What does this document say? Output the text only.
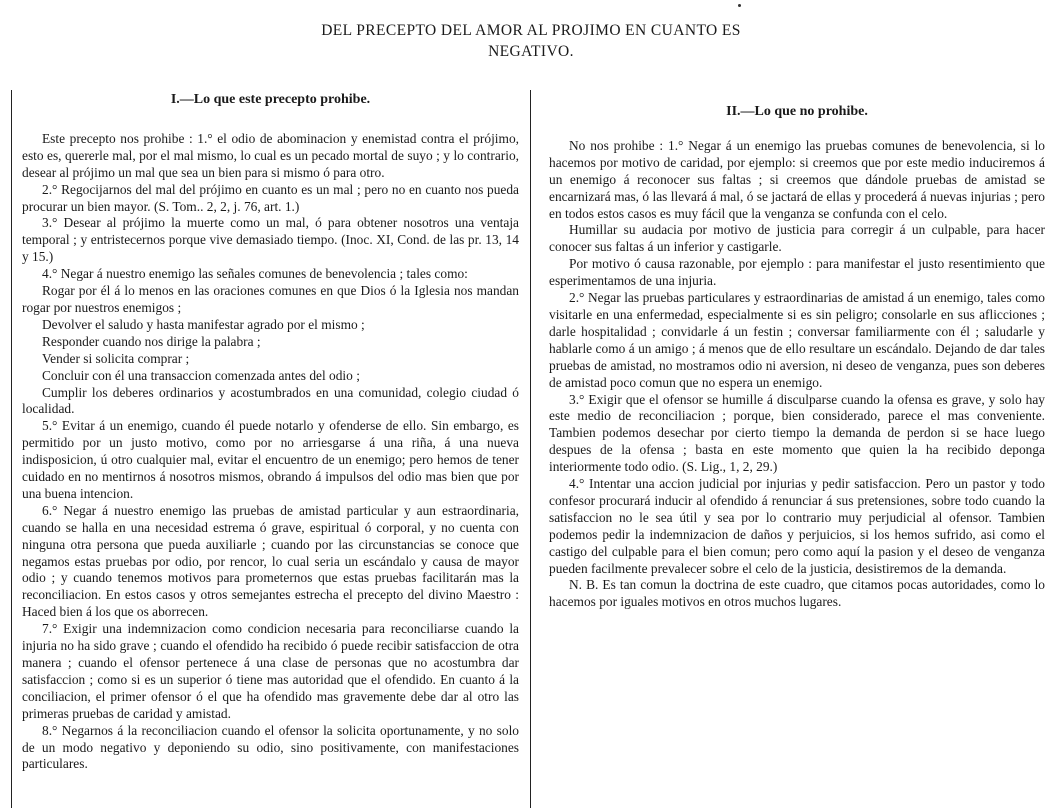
DEL PRECEPTO DEL AMOR AL PROJIMO EN CUANTO ES
NEGATIVO.

I.—Lo que este precepto prohibe.

Este precepto nos prohibe : 1.° el odio de abominacion y enemistad contra el prójimo, esto es, quererle mal, por el mal mismo, lo cual es un pecado mortal de suyo ; y lo contrario, desear al prójimo un mal que sea un bien para si mismo ó para otro.

2.° Regocijarnos del mal del prójimo en cuanto es un mal ; pero no en cuanto nos pueda procurar un bien mayor. (S. Tom.. 2, 2, j. 76, art. 1.)

3.° Desear al prójimo la muerte como un mal, ó para obtener nosotros una ventaja temporal ; y entristecernos porque vive demasiado tiempo. (Inoc. XI, Cond. de las pr. 13, 14 y 15.)

4.° Negar á nuestro enemigo las señales comunes de benevolencia ; tales como:

Rogar por él á lo menos en las oraciones comunes en que Dios ó la Iglesia nos mandan rogar por nuestros enemigos ;

Devolver el saludo y hasta manifestar agrado por el mismo ;

Responder cuando nos dirige la palabra ;

Vender si solicita comprar ;

Concluir con él una transaccion comenzada antes del odio ;

Cumplir los deberes ordinarios y acostumbrados en una comunidad, colegio ciudad ó localidad.

5.° Evitar á un enemigo, cuando él puede notarlo y ofenderse de ello. Sin embargo, es permitido por un justo motivo, como por no arriesgarse á una riña, á una nueva indisposicion, ú otro cualquier mal, evitar el encuentro de un enemigo; pero hemos de tener cuidado en no mentirnos á nosotros mismos, obrando á impulsos del odio mas bien que por una buena intencion.

6.° Negar á nuestro enemigo las pruebas de amistad particular y aun estraordinaria, cuando se halla en una necesidad estrema ó grave, espiritual ó corporal, y no cuenta con ninguna otra persona que pueda auxiliarle ; cuando por las circunstancias se conoce que negamos estas pruebas por odio, por rencor, lo cual seria un escándalo y causa de mayor odio ; y cuando tenemos motivos para prometernos que estas pruebas facilitarán mas la reconciliacion. En estos casos y otros semejantes estrecha el precepto del divino Maestro : Haced bien á los que os aborrecen.

7.° Exigir una indemnizacion como condicion necesaria para reconciliarse cuando la injuria no ha sido grave ; cuando el ofendido ha recibido ó puede recibir satisfaccion de otra manera ; cuando el ofensor pertenece á una clase de personas que no acostumbra dar satisfaccion ; como si es un superior ó tiene mas autoridad que el ofendido. En cuanto á la conciliacion, el primer ofensor ó el que ha ofendido mas gravemente debe dar al otro las primeras pruebas de caridad y amistad.

8.° Negarnos á la reconciliacion cuando el ofensor la solicita oportunamente, y no solo de un modo negativo y deponiendo su odio, sino positivamente, con manifestaciones particulares.

II.—Lo que no prohibe.

No nos prohibe : 1.° Negar á un enemigo las pruebas comunes de benevolencia, si lo hacemos por motivo de caridad, por ejemplo: si creemos que por este medio induciremos á un enemigo á reconocer sus faltas ; si creemos que dándole pruebas de amistad se encarnizará mas, ó las llevará á mal, ó se jactará de ellas y procederá á nuevas injurias ; pero en todos estos casos es muy fácil que la venganza se confunda con el celo.

Humillar su audacia por motivo de justicia para corregir á un culpable, para hacer conocer sus faltas á un inferior y castigarle.

Por motivo ó causa razonable, por ejemplo : para manifestar el justo resentimiento que esperimentamos de una injuria.

2.° Negar las pruebas particulares y estraordinarias de amistad á un enemigo, tales como visitarle en una enfermedad, especialmente si es sin peligro; consolarle en sus aflicciones ; darle hospitalidad ; convidarle á un festin ; conversar familiarmente con él ; saludarle y hablarle como á un amigo ; á menos que de ello resultare un escándalo. Dejando de dar tales pruebas de amistad, no mostramos odio ni aversion, ni deseo de venganza, pues son deberes de amistad poco comun que no espera un enemigo.

3.° Exigir que el ofensor se humille á disculparse cuando la ofensa es grave, y solo hay este medio de reconciliacion ; porque, bien considerado, parece el mas conveniente. Tambien podemos desechar por cierto tiempo la demanda de perdon si se hace luego despues de la ofensa ; basta en este momento que quien la ha recibido deponga interiormente todo odio. (S. Lig., 1, 2, 29.)

4.° Intentar una accion judicial por injurias y pedir satisfaccion. Pero un pastor y todo confesor procurará inducir al ofendido á renunciar á sus pretensiones, sobre todo cuando la satisfaccion no le sea útil y sea por lo contrario muy perjudicial al ofensor. Tambien podemos pedir la indemnizacion de daños y perjuicios, si los hemos sufrido, asi como el castigo del culpable para el bien comun; pero como aquí la pasion y el deseo de venganza pueden facilmente prevalecer sobre el celo de la justicia, desistiremos de la demanda.

N. B. Es tan comun la doctrina de este cuadro, que citamos pocas autoridades, como lo hacemos por iguales motivos en otros muchos lugares.
